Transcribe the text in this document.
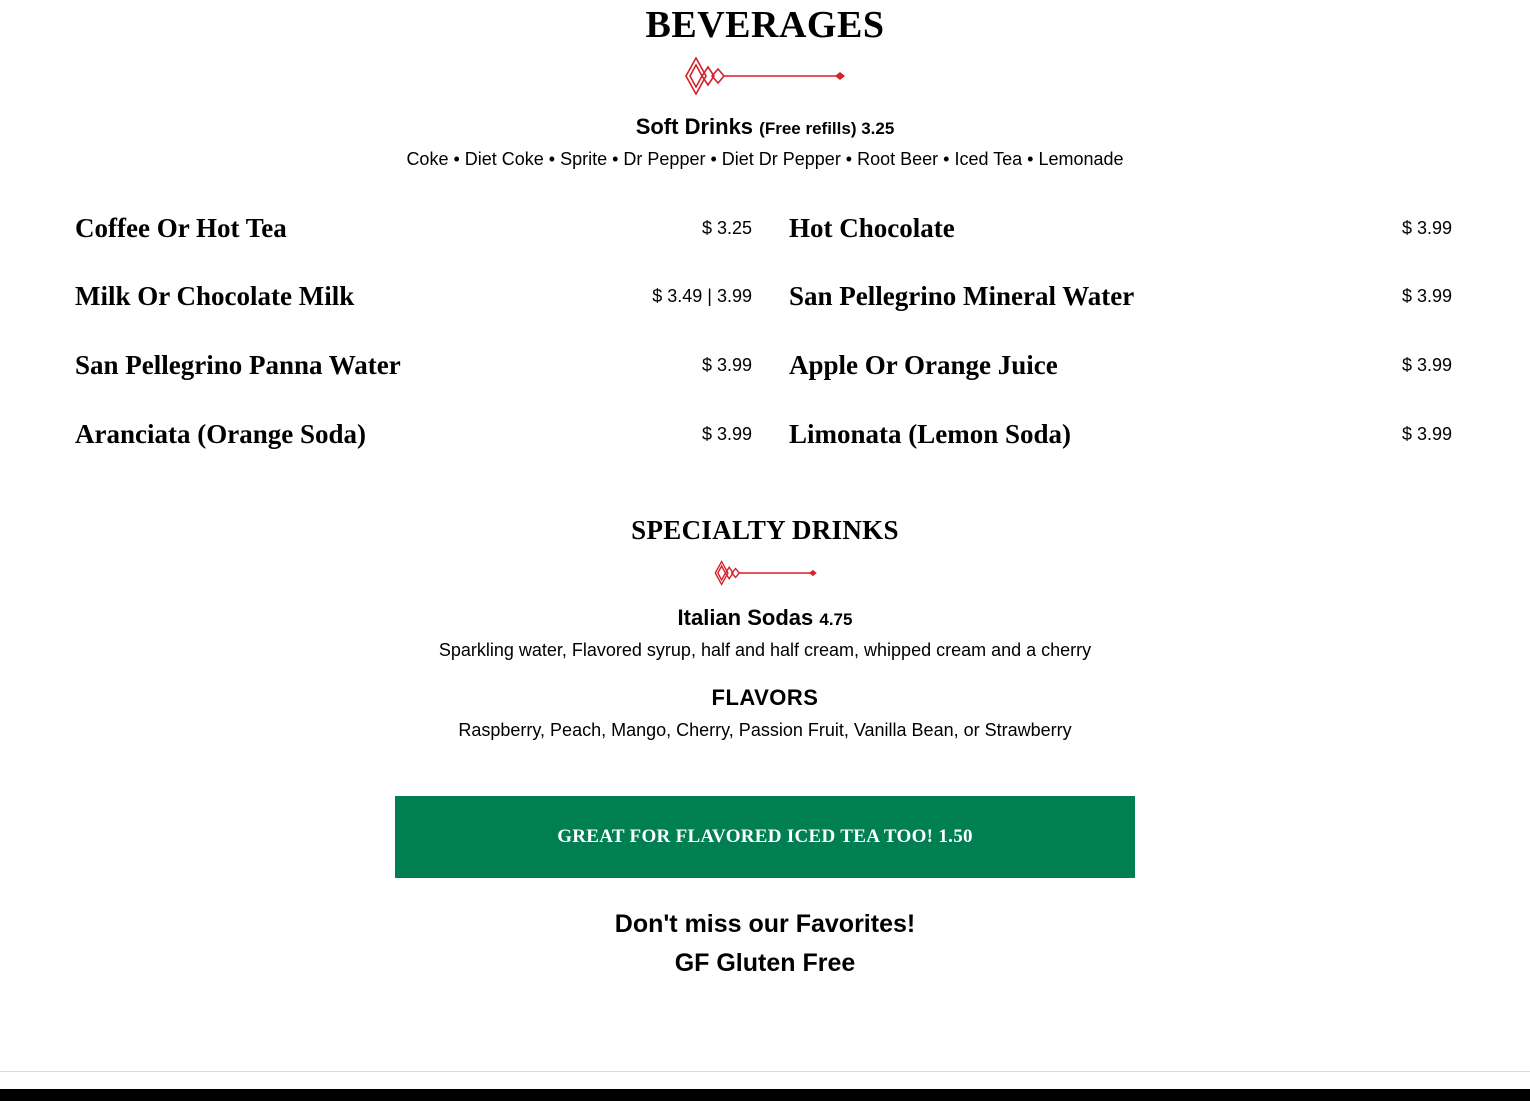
BEVERAGES
Soft Drinks (Free refills) 3.25
Coke • Diet Coke • Sprite • Dr Pepper • Diet Dr Pepper • Root Beer • Iced Tea • Lemonade
Coffee Or Hot Tea	$ 3.25 Hot Chocolate	$ 3.99
Milk Or Chocolate Milk	$ 3.49 | 3.99 San Pellegrino Mineral Water	$ 3.99
San Pellegrino Panna Water	$ 3.99 Apple Or Orange Juice	$ 3.99
Aranciata (Orange Soda)	$ 3.99 Limonata (Lemon Soda)	$ 3.99
SPECIALTY DRINKS
Italian Sodas 4.75
Sparkling water, Flavored syrup, half and half cream, whipped cream and a cherry
FLAVORS
Raspberry, Peach, Mango, Cherry, Passion Fruit, Vanilla Bean, or Strawberry
GREAT FOR FLAVORED ICED TEA TOO! 1.50
Don't miss our Favorites!
GF Gluten Free
